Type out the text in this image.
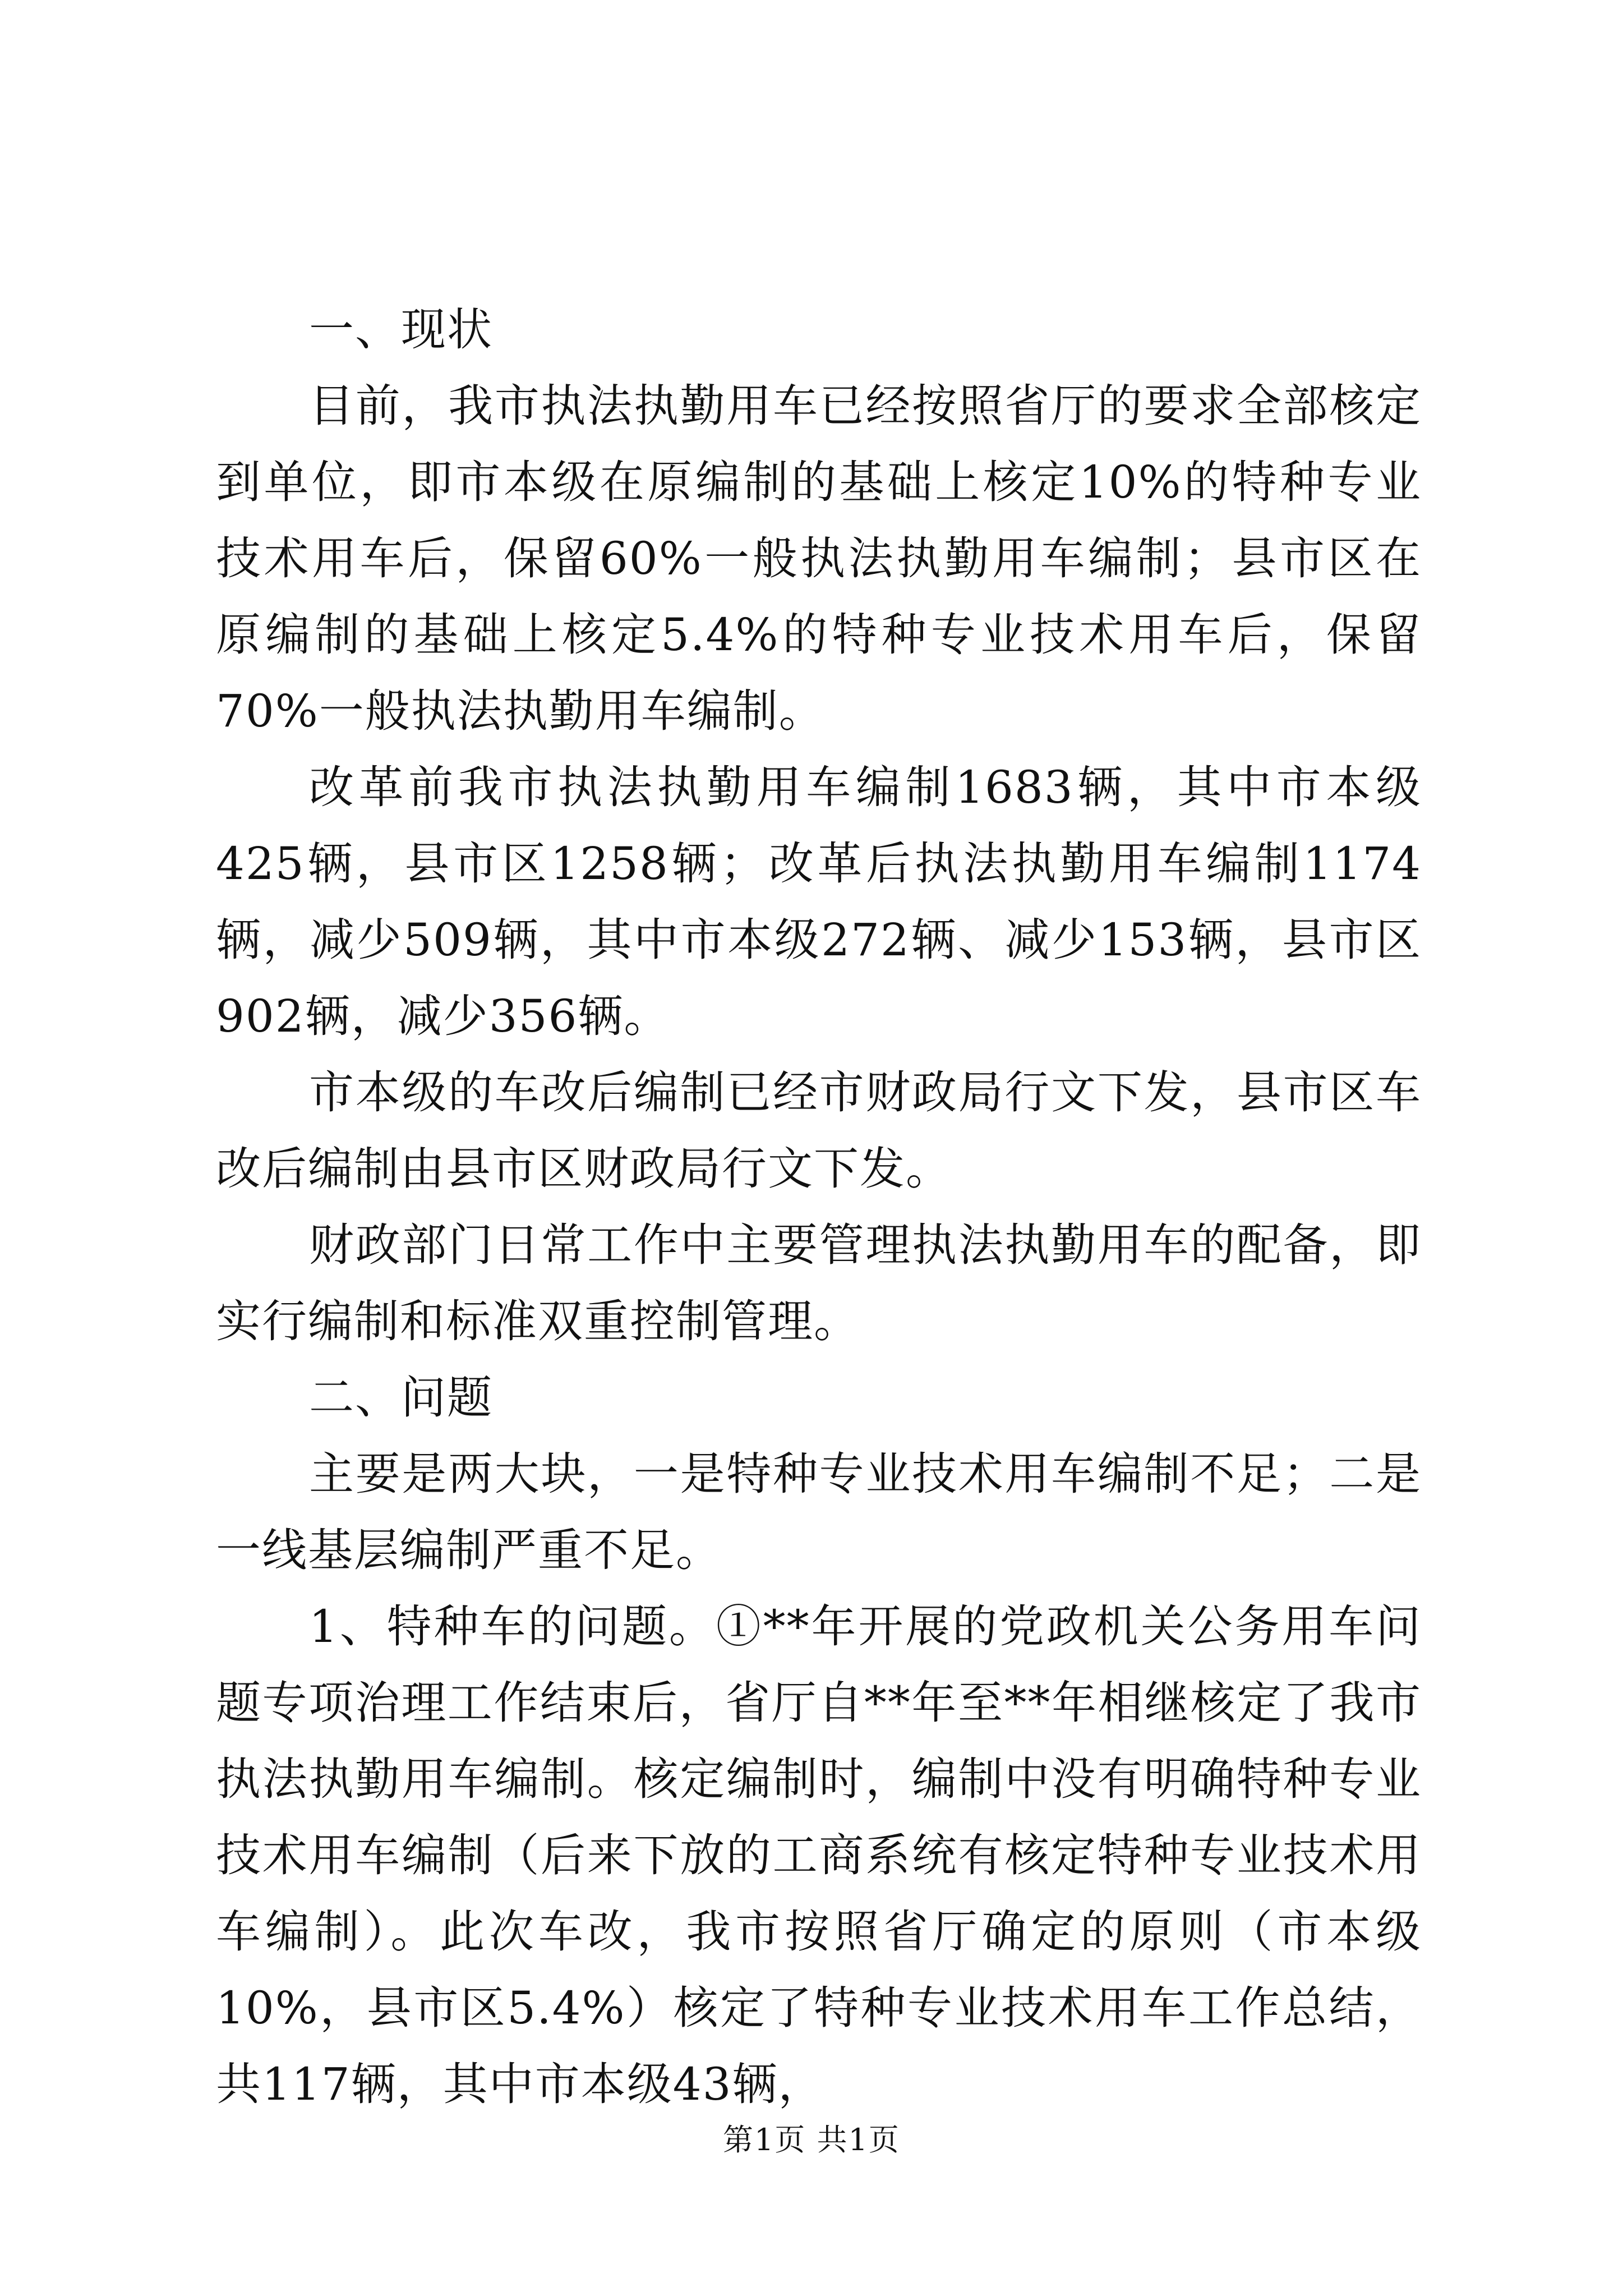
一、现状

目前，我市执法执勤用车已经按照省厅的要求全部核定到单位，即市本级在原编制的基础上核定10%的特种专业技术用车后，保留60%一般执法执勤用车编制；县市区在原编制的基础上核定5.4%的特种专业技术用车后，保留70%一般执法执勤用车编制。

改革前我市执法执勤用车编制1683辆，其中市本级425辆，县市区1258辆；改革后执法执勤用车编制1174辆，减少509辆，其中市本级272辆、减少153辆，县市区902辆，减少356辆。

市本级的车改后编制已经市财政局行文下发，县市区车改后编制由县市区财政局行文下发。

财政部门日常工作中主要管理执法执勤用车的配备，即实行编制和标准双重控制管理。

二、问题

主要是两大块，一是特种专业技术用车编制不足；二是一线基层编制严重不足。

1、特种车的问题。①**年开展的党政机关公务用车问题专项治理工作结束后，省厅自**年至**年相继核定了我市执法执勤用车编制。核定编制时，编制中没有明确特种专业技术用车编制（后来下放的工商系统有核定特种专业技术用车编制）。此次车改，我市按照省厅确定的原则（市本级10%，县市区5.4%）核定了特种专业技术用车工作总结，共117辆，其中市本级43辆，

第1页 共1页
